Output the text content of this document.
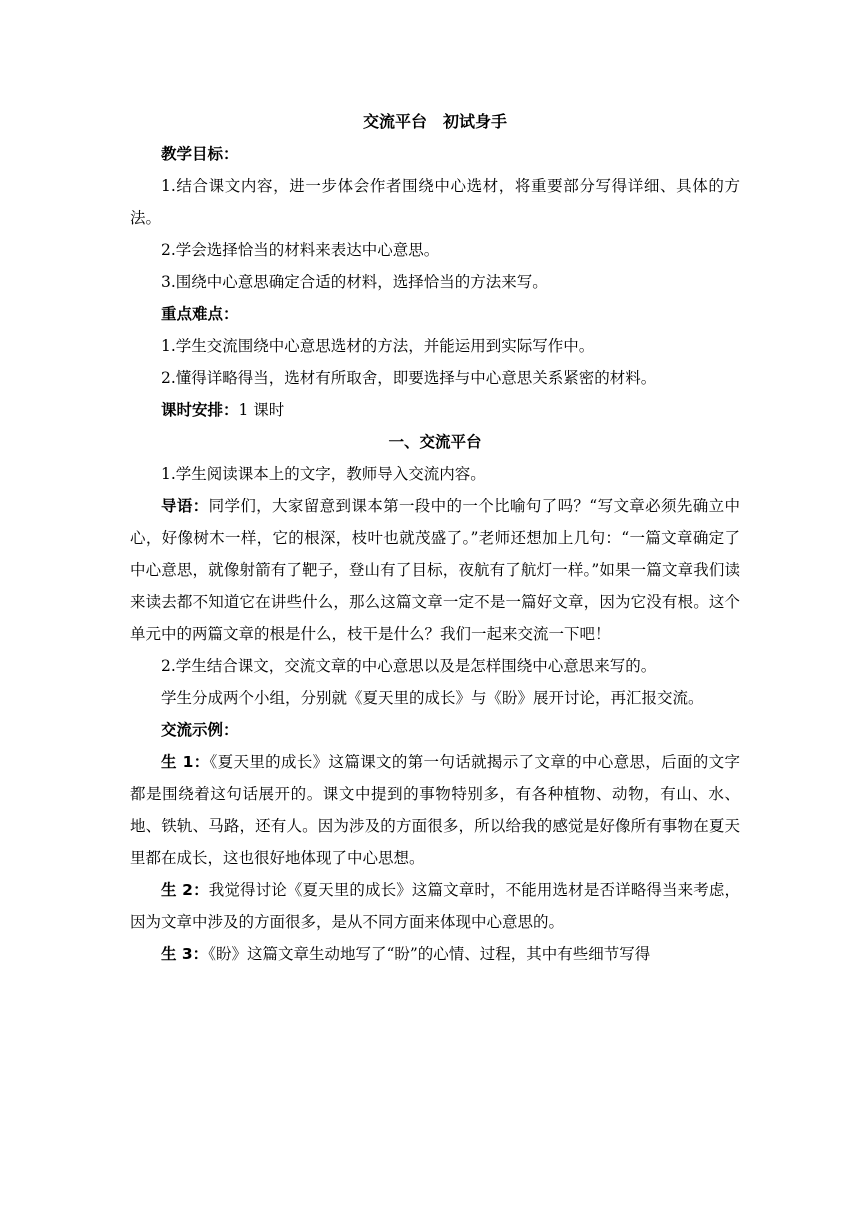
交流平台　初试身手

教学目标：

1.结合课文内容，进一步体会作者围绕中心选材，将重要部分写得详细、具体的方法。

2.学会选择恰当的材料来表达中心意思。

3.围绕中心意思确定合适的材料，选择恰当的方法来写。

重点难点：

1.学生交流围绕中心意思选材的方法，并能运用到实际写作中。

2.懂得详略得当，选材有所取舍，即要选择与中心意思关系紧密的材料。

课时安排：1 课时

一、交流平台

1.学生阅读课本上的文字，教师导入交流内容。

导语：同学们，大家留意到课本第一段中的一个比喻句了吗？“写文章必须先确立中心，好像树木一样，它的根深，枝叶也就茂盛了。”老师还想加上几句：“一篇文章确定了中心意思，就像射箭有了靶子，登山有了目标，夜航有了航灯一样。”如果一篇文章我们读来读去都不知道它在讲些什么，那么这篇文章一定不是一篇好文章，因为它没有根。这个单元中的两篇文章的根是什么，枝干是什么？我们一起来交流一下吧！

2.学生结合课文，交流文章的中心意思以及是怎样围绕中心意思来写的。

学生分成两个小组，分别就《夏天里的成长》与《盼》展开讨论，再汇报交流。

交流示例：

生 1：《夏天里的成长》这篇课文的第一句话就揭示了文章的中心意思，后面的文字都是围绕着这句话展开的。课文中提到的事物特别多，有各种植物、动物，有山、水、地、铁轨、马路，还有人。因为涉及的方面很多，所以给我的感觉是好像所有事物在夏天里都在成长，这也很好地体现了中心思想。

生 2：我觉得讨论《夏天里的成长》这篇文章时，不能用选材是否详略得当来考虑，因为文章中涉及的方面很多，是从不同方面来体现中心意思的。

生 3：《盼》这篇文章生动地写了“盼”的心情、过程，其中有些细节写得
